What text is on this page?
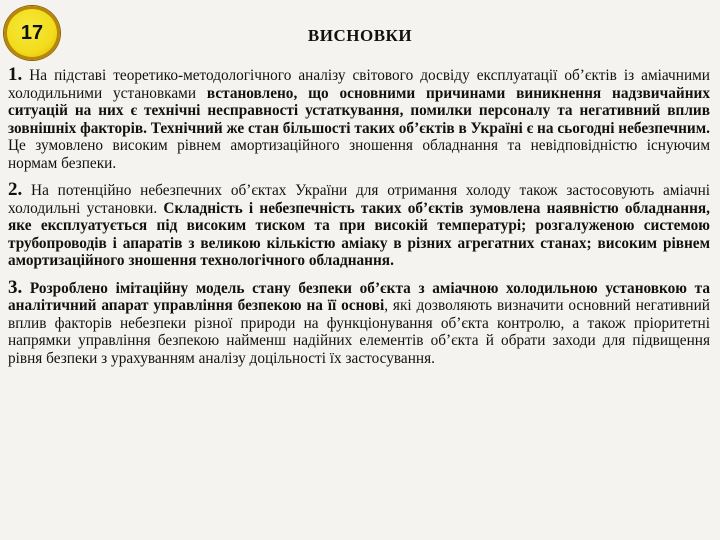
17	ВИСНОВКИ

1. На підставі теоретико-методологічного аналізу світового досвіду експлуатації об’єктів із аміачними холодильними установками встановлено, що основними причинами виникнення надзвичайних ситуацій на них є технічні несправності устаткування, помилки персоналу та негативний вплив зовнішніх факторів. Технічний же стан більшості таких об’єктів в Україні є на сьогодні небезпечним. Це зумовлено високим рівнем амортизаційного зношення обладнання та невідповідністю існуючим нормам безпеки.

2. На потенційно небезпечних об’єктах України для отримання холоду також застосовують аміачні холодильні установки. Складність і небезпечність таких об’єктів зумовлена наявністю обладнання, яке експлуатується під високим тиском та при високій температурі; розгалуженою системою трубопроводів і апаратів з великою кількістю аміаку в різних агрегатних станах; високим рівнем амортизаційного зношення технологічного обладнання.

3. Розроблено імітаційну модель стану безпеки об’єкта з аміачною холодильною установкою та аналітичний апарат управління безпекою на її основі, які дозволяють визначити основний негативний вплив факторів небезпеки різної природи на функціонування об’єкта контролю, а також пріоритетні напрямки управління безпекою найменш надійних елементів об’єкта й обрати заходи для підвищення рівня безпеки з урахуванням аналізу доцільності їх застосування.
